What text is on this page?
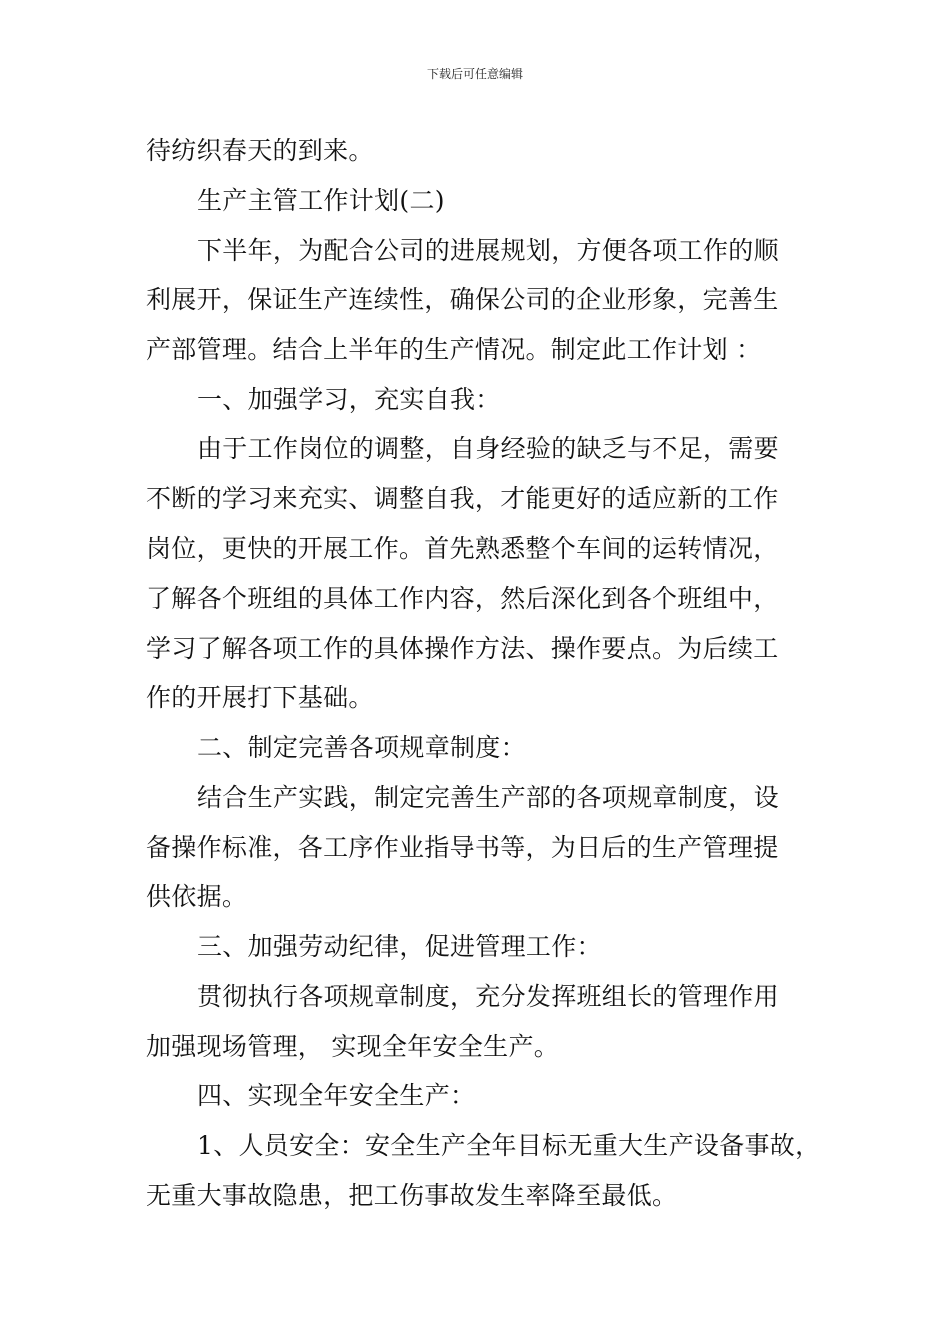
下载后可任意编辑
待纺织春天的到来。
生产主管工作计划(二)
下半年，为配合公司的进展规划，方便各项工作的顺
利展开，保证生产连续性，确保公司的企业形象，完善生
产部管理。结合上半年的生产情况。制定此工作计划 ：
一、加强学习，充实自我：
由于工作岗位的调整，自身经验的缺乏与不足，需要
不断的学习来充实、调整自我，才能更好的适应新的工作
岗位，更快的开展工作。首先熟悉整个车间的运转情况，
了解各个班组的具体工作内容，然后深化到各个班组中，
学习了解各项工作的具体操作方法、操作要点。为后续工
作的开展打下基础。
二、制定完善各项规章制度：
结合生产实践，制定完善生产部的各项规章制度，设
备操作标准，各工序作业指导书等，为日后的生产管理提
供依据。
三、加强劳动纪律，促进管理工作：
贯彻执行各项规章制度，充分发挥班组长的管理作用
加强现场管理， 实现全年安全生产。
四、实现全年安全生产：
1、人员安全：安全生产全年目标无重大生产设备事故，
无重大事故隐患，把工伤事故发生率降至最低。
